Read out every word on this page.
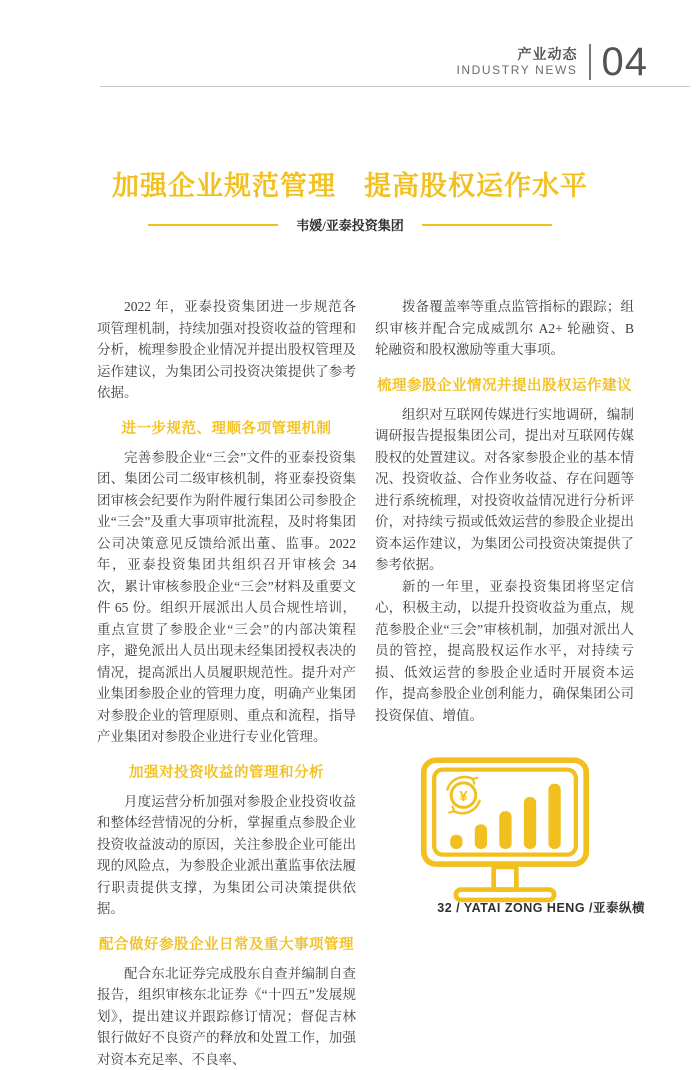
产业动态
INDUSTRY NEWS 04
加强企业规范管理　提高股权运作水平
韦媛/亚泰投资集团

2022 年，亚泰投资集团进一步规范各项管理机制，持续加强对投资收益的管理和分析，梳理参股企业情况并提出股权管理及运作建议，为集团公司投资决策提供了参考依据。

进一步规范、理顺各项管理机制

完善参股企业“三会”文件的亚泰投资集团、集团公司二级审核机制，将亚泰投资集团审核会纪要作为附件履行集团公司参股企业“三会”及重大事项审批流程，及时将集团公司决策意见反馈给派出董、监事。2022 年，亚泰投资集团共组织召开审核会 34 次，累计审核参股企业“三会”材料及重要文件 65 份。组织开展派出人员合规性培训，重点宣贯了参股企业“三会”的内部决策程序，避免派出人员出现未经集团授权表决的情况，提高派出人员履职规范性。提升对产业集团参股企业的管理力度，明确产业集团对参股企业的管理原则、重点和流程，指导产业集团对参股企业进行专业化管理。

加强对投资收益的管理和分析

月度运营分析加强对参股企业投资收益和整体经营情况的分析，掌握重点参股企业投资收益波动的原因，关注参股企业可能出现的风险点，为参股企业派出董监事依法履行职责提供支撑，为集团公司决策提供依据。

配合做好参股企业日常及重大事项管理

配合东北证券完成股东自查并编制自查报告，组织审核东北证券《“十四五”发展规划》，提出建议并跟踪修订情况；督促吉林银行做好不良资产的释放和处置工作，加强对资本充足率、不良率、

拨备覆盖率等重点监管指标的跟踪；组织审核并配合完成威凯尔 A2+ 轮融资、B 轮融资和股权激励等重大事项。

梳理参股企业情况并提出股权运作建议

组织对互联网传媒进行实地调研，编制调研报告提报集团公司，提出对互联网传媒股权的处置建议。对各家参股企业的基本情况、投资收益、合作业务收益、存在问题等进行系统梳理，对投资收益情况进行分析评价，对持续亏损或低效运营的参股企业提出资本运作建议，为集团公司投资决策提供了参考依据。

新的一年里，亚泰投资集团将坚定信心，积极主动，以提升投资收益为重点，规范参股企业“三会”审核机制，加强对派出人员的管控，提高股权运作水平，对持续亏损、低效运营的参股企业适时开展资本运作，提高参股企业创利能力，确保集团公司投资保值、增值。

¥
32 / YATAI ZONG HENG /亚泰纵横
